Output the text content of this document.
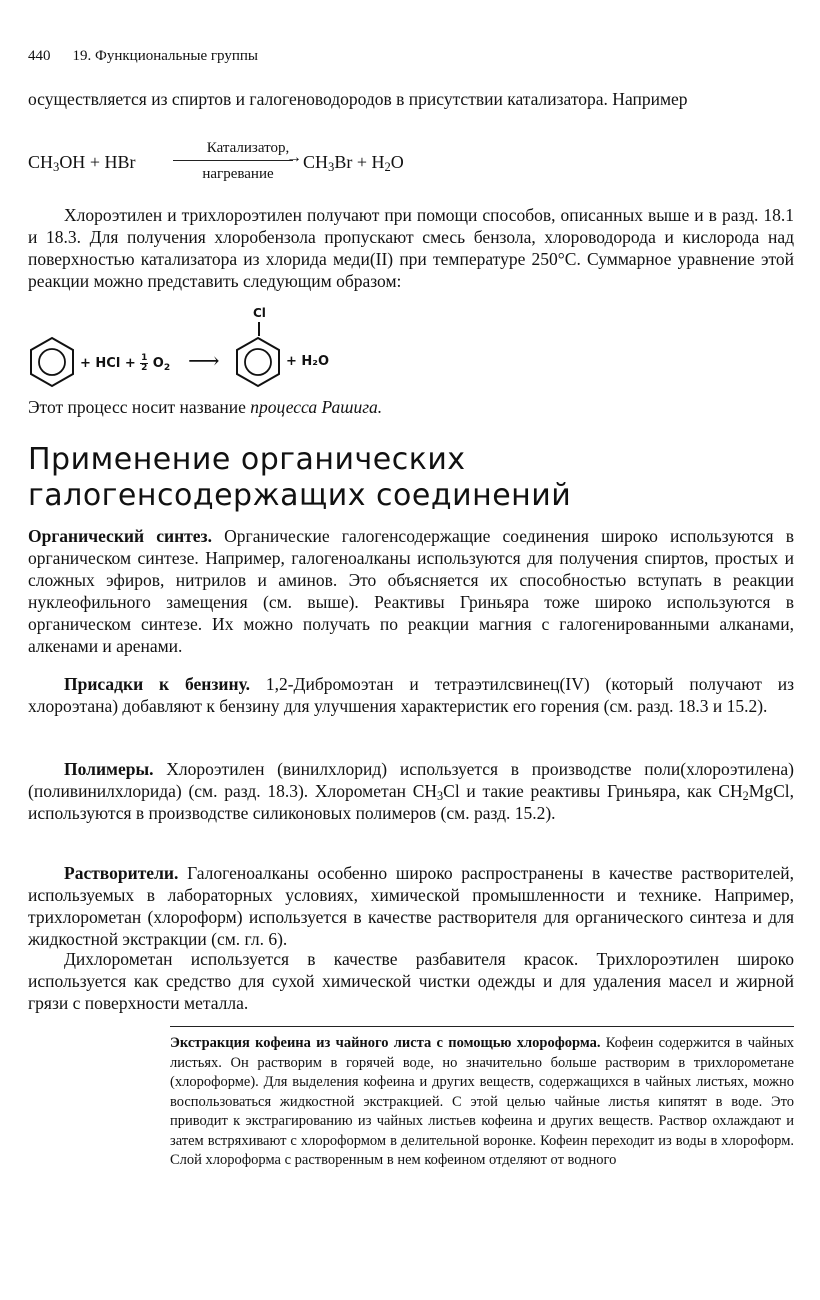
440 19. Функциональные группы
осуществляется из спиртов и галогеноводородов в присутствии катализатора. Например
$CH_3OH$ + HBr
Катализатор,
→
нагревание
$CH_3Br + H_2O$
Хлороэтилен и трихлороэтилен получают при помощи способов, описанных выше и в разд. 18.1 и 18.3. Для получения хлоробензола пропускают смесь бензола, хлороводорода и кислорода над поверхностью катализатора из хлорида меди(II) при температуре 250°C. Суммарное уравнение этой реакции можно представить следующим образом:
+ HCl + $\frac{1}{2} O_2$ ⟶
Cl
+ H₂O
Этот процесс носит название процесса Рашига.
Применение органических
галогенсодержащих соединений
Органический синтез. Органические галогенсодержащие соединения широко используются в органическом синтезе. Например, галогеноалканы используются для получения спиртов, простых и сложных эфиров, нитрилов и аминов. Это объясняется их способностью вступать в реакции нуклеофильного замещения (см. выше). Реактивы Гриньяра тоже широко используются в органическом синтезе. Их можно получать по реакции магния с галогенированными алканами, алкенами и аренами.
Присадки к бензину. 1,2-Дибромоэтан и тетраэтилсвинец(IV) (который получают из хлороэтана) добавляют к бензину для улучшения характеристик его горения (см. разд. 18.3 и 15.2).
Полимеры. Хлороэтилен (винилхлорид) используется в производстве поли(хлороэтилена) (поливинилхлорида) (см. разд. 18.3). Хлорометан $CH_3Cl$ и такие реактивы Гриньяра, как $CH_2MgCl$, используются в производстве силиконовых полимеров (см. разд. 15.2).
Растворители. Галогеноалканы особенно широко распространены в качестве растворителей, используемых в лабораторных условиях, химической промышленности и технике. Например, трихлорометан (хлороформ) используется в качестве растворителя для органического синтеза и для жидкостной экстракции (см. гл. 6).
Дихлорометан используется в качестве разбавителя красок. Трихлороэтилен широко используется как средство для сухой химической чистки одежды и для удаления масел и жирной грязи с поверхности металла.
Экстракция кофеина из чайного листа с помощью хлороформа. Кофеин содержится в чайных листьях. Он растворим в горячей воде, но значительно больше растворим в трихлорометане (хлороформе). Для выделения кофеина и других веществ, содержащихся в чайных листьях, можно воспользоваться жидкостной экстракцией. С этой целью чайные листья кипятят в воде. Это приводит к экстрагированию из чайных листьев кофеина и других веществ. Раствор охлаждают и затем встряхивают с хлороформом в делительной воронке. Кофеин переходит из воды в хлороформ. Слой хлороформа с растворенным в нем кофеином отделяют от водного
